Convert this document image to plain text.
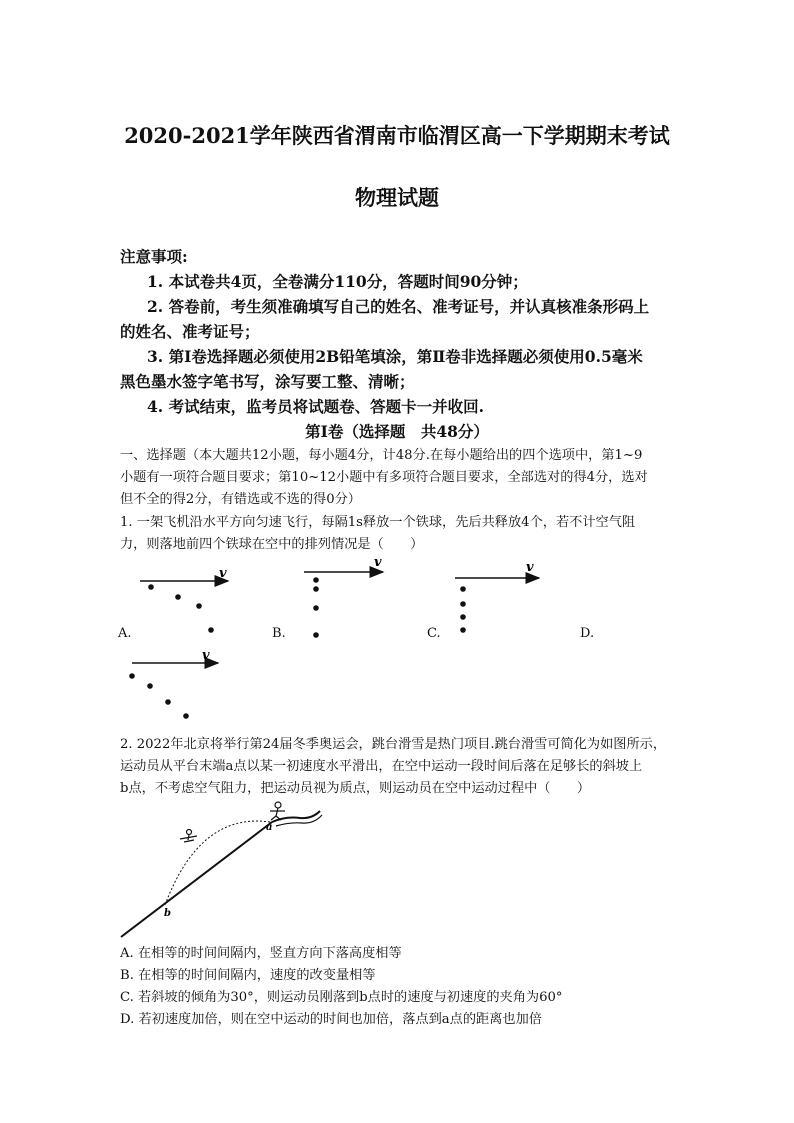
2020-2021学年陕西省渭南市临渭区高一下学期期末考试
物理试题
注意事项:
1. 本试卷共4页，全卷满分110分，答题时间90分钟；
2. 答卷前，考生须准确填写自己的姓名、准考证号，并认真核准条形码上
的姓名、准考证号；
3. 第Ⅰ卷选择题必须使用2B铅笔填涂，第Ⅱ卷非选择题必须使用0.5毫米
黑色墨水签字笔书写，涂写要工整、清晰；
4. 考试结束，监考员将试题卷、答题卡一并收回.
第Ⅰ卷（选择题　共48分）
一、选择题（本大题共12小题，每小题4分，计48分.在每小题给出的四个选项中，第1~9
小题有一项符合题目要求；第10~12小题中有多项符合题目要求，全部选对的得4分，选对
但不全的得2分，有错选或不选的得0分）
1. 一架飞机沿水平方向匀速飞行，每隔1s释放一个铁球，先后共释放4个，若不计空气阻
力，则落地前四个铁球在空中的排列情况是（　　）
v
v	v
v
A.	B.	C.	D.
2. 2022年北京将举行第24届冬季奥运会，跳台滑雪是热门项目.跳台滑雪可简化为如图所示，
运动员从平台末端a点以某一初速度水平滑出，在空中运动一段时间后落在足够长的斜坡上
b点，不考虑空气阻力，把运动员视为质点，则运动员在空中运动过程中（　　）
a
b
A. 在相等的时间间隔内，竖直方向下落高度相等
B. 在相等的时间间隔内，速度的改变量相等
C. 若斜坡的倾角为30°，则运动员刚落到b点时的速度与初速度的夹角为60°
D. 若初速度加倍，则在空中运动的时间也加倍，落点到a点的距离也加倍
